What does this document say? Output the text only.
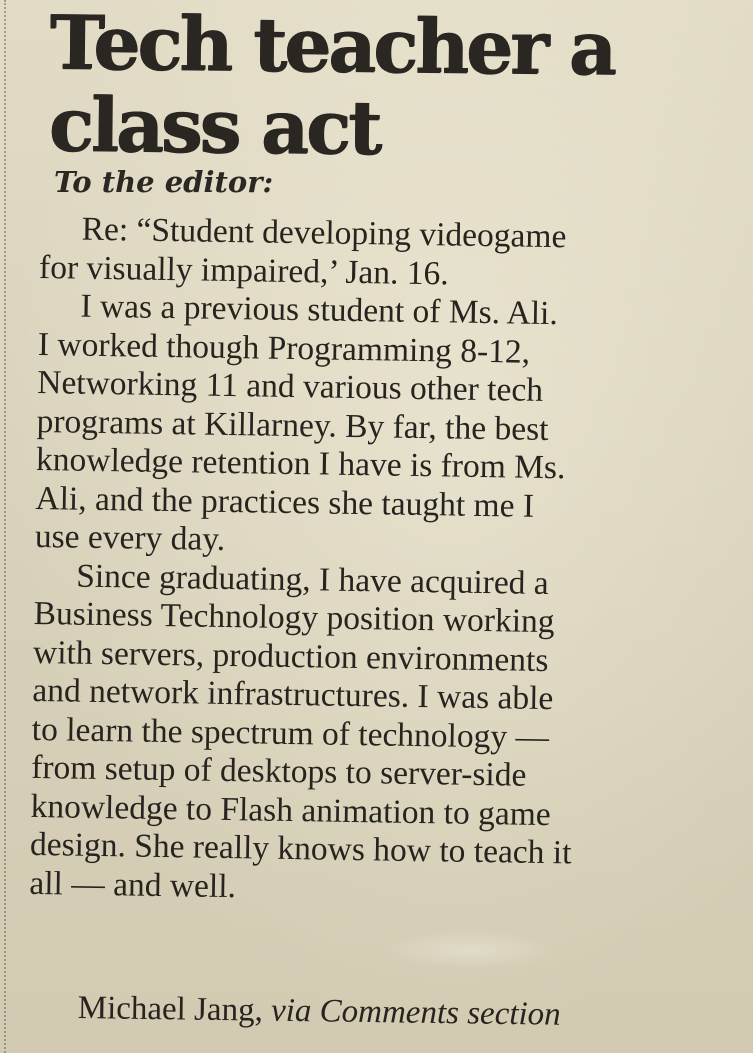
Tech teacher a
class act

To the editor:

Re: “Student developing videogame
for visually impaired,’ Jan. 16.
I was a previous student of Ms. Ali.
I worked though Programming 8-12,
Networking 11 and various other tech
programs at Killarney. By far, the best
knowledge retention I have is from Ms.
Ali, and the practices she taught me I
use every day.
Since graduating, I have acquired a
Business Technology position working
with servers, production environments
and network infrastructures. I was able
to learn the spectrum of technology —
from setup of desktops to server-side
knowledge to Flash animation to game
design. She really knows how to teach it
all — and well.
Michael Jang, via Comments section
